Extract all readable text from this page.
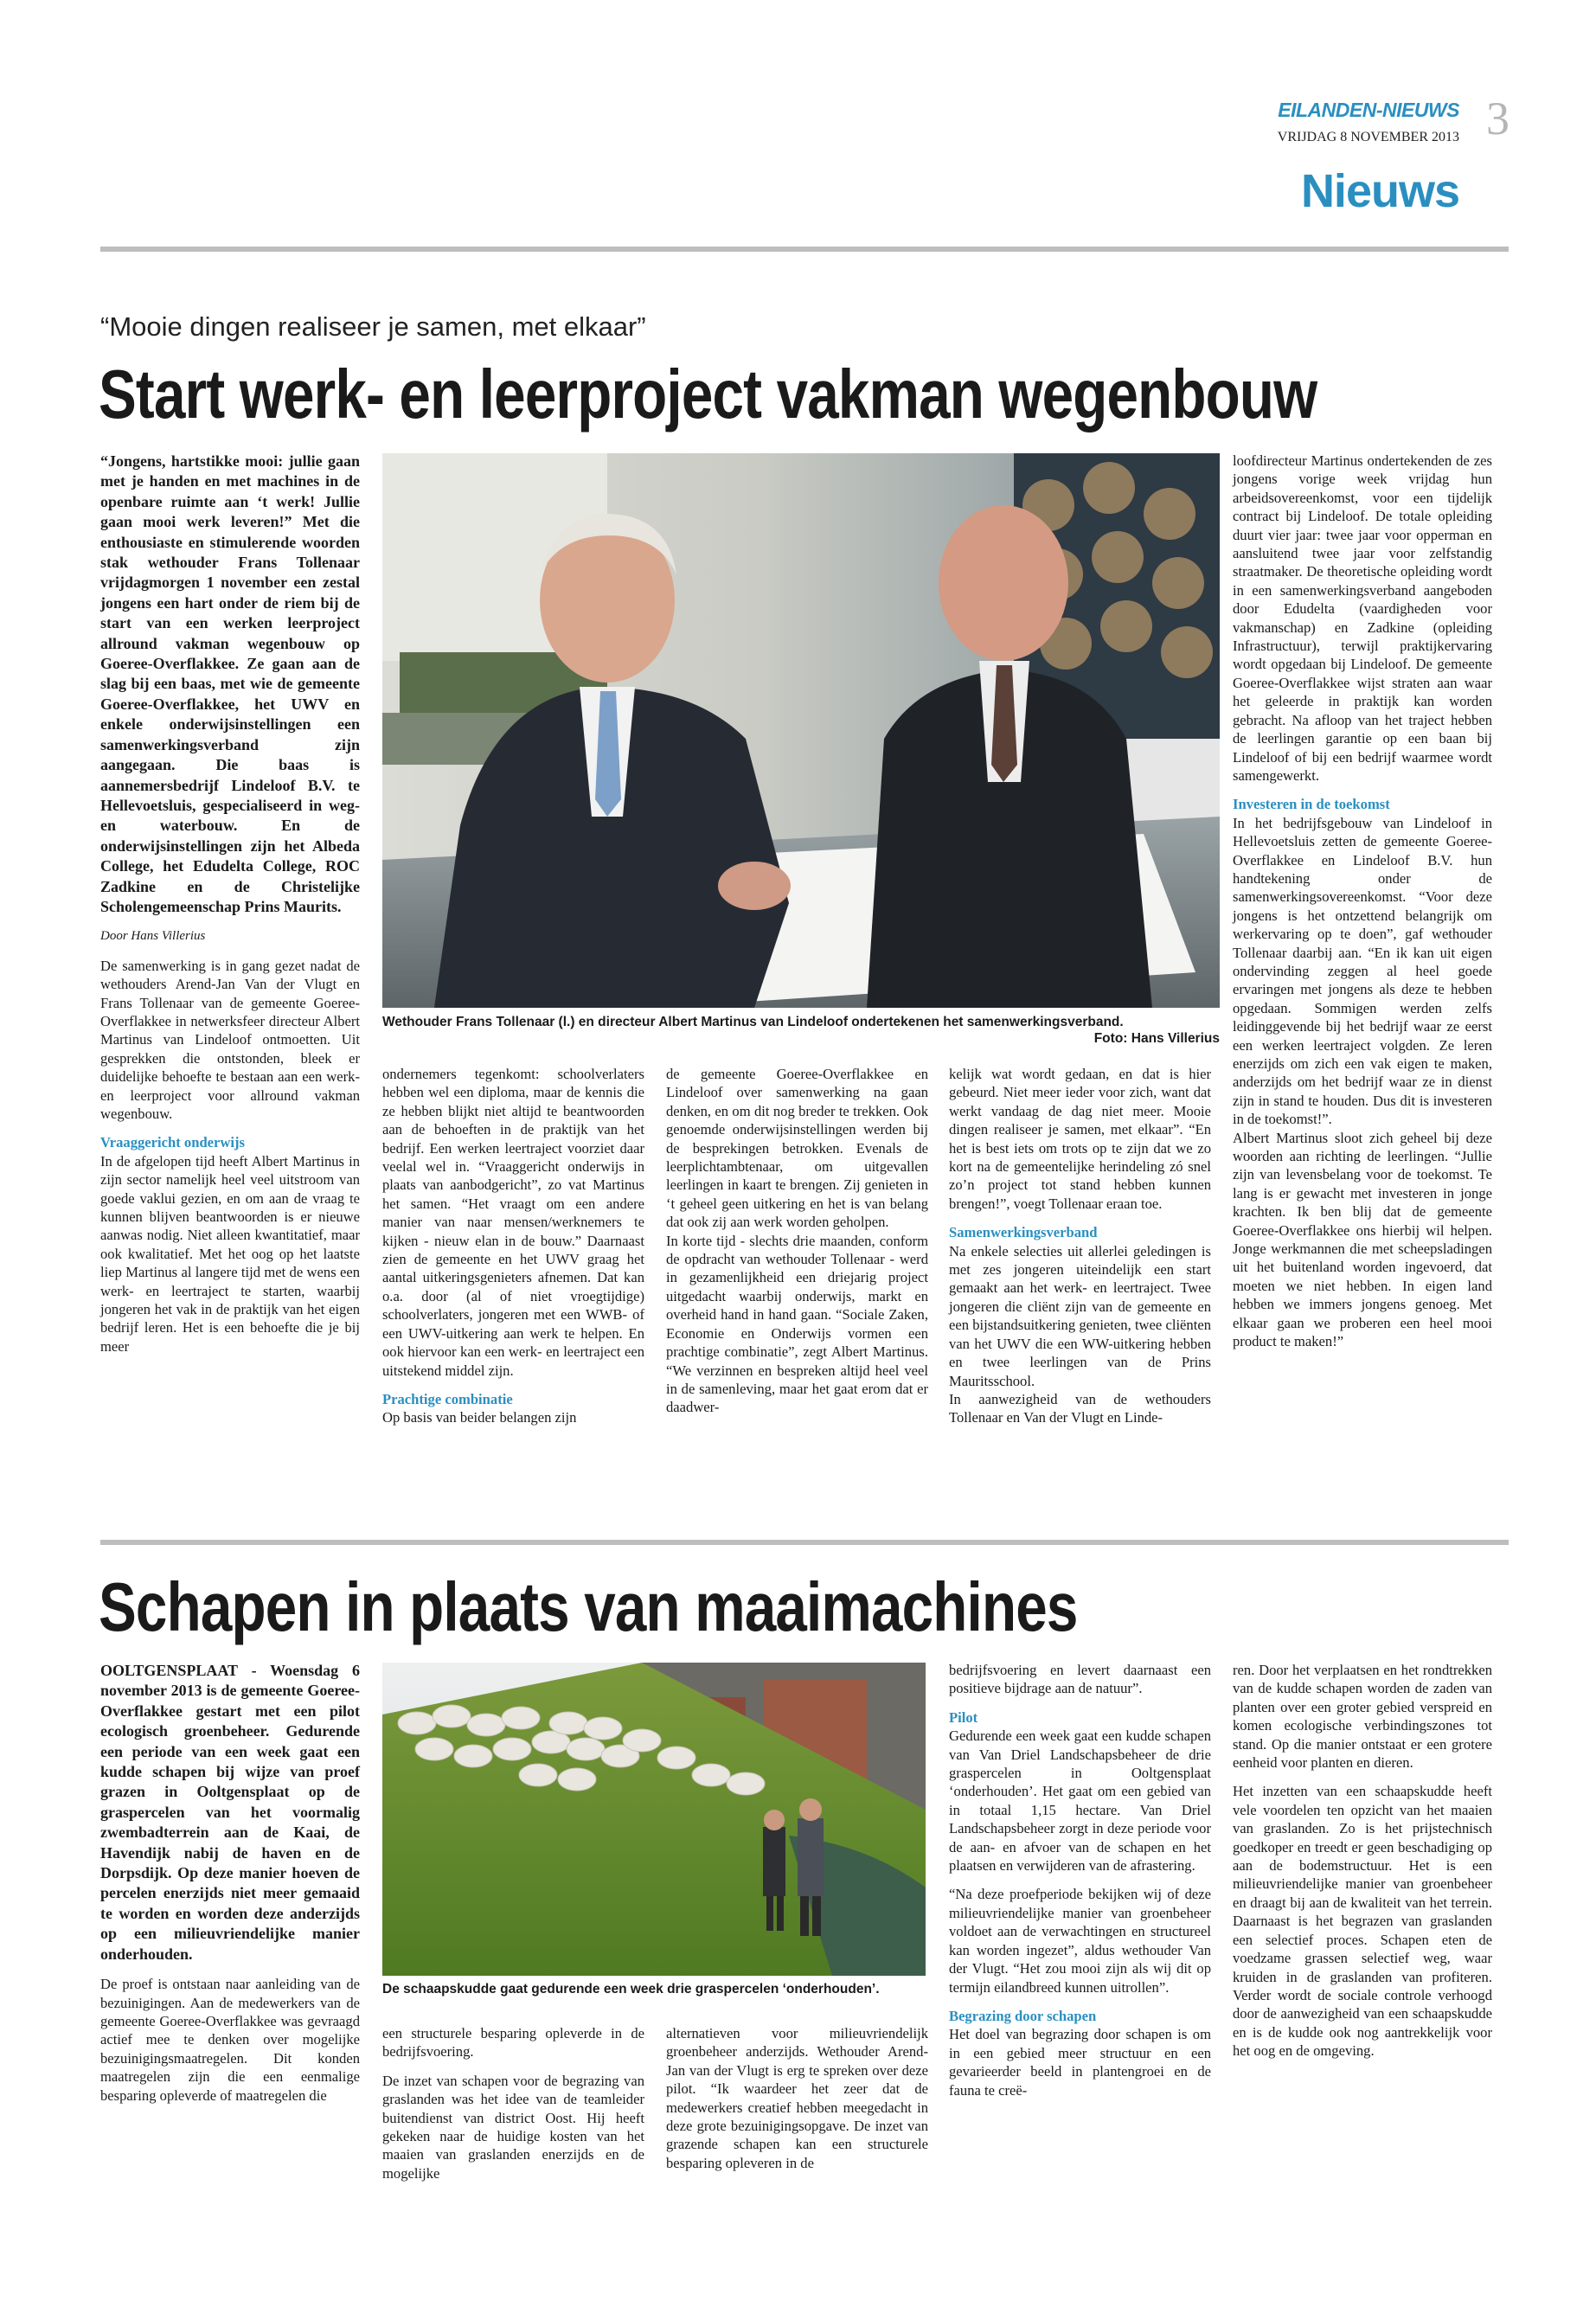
EILANDEN-NIEUWS
VRIJDAG 8 NOVEMBER 2013 3
Nieuws
“Mooie dingen realiseer je samen, met elkaar”
Start werk- en leerproject vakman wegenbouw

“Jongens, hartstikke mooi: jullie gaan met je handen en met machines in de openbare ruimte aan ‘t werk! Jullie gaan mooi werk leveren!” Met die enthousiaste en stimulerende woorden stak wethouder Frans Tollenaar vrijdagmorgen 1 november een zestal jongens een hart onder de riem bij de start van een werken leerproject allround vakman wegenbouw op Goeree-Overflakkee. Ze gaan aan de slag bij een baas, met wie de gemeente Goeree-Overflakkee, het UWV en enkele onderwijsinstellingen een samenwerkingsverband zijn aangegaan. Die baas is aannemersbedrijf Lindeloof B.V. te Hellevoetsluis, gespecialiseerd in weg- en waterbouw. En de onderwijsinstellingen zijn het Albeda College, het Edudelta College, ROC Zadkine en de Christelijke Scholengemeenschap Prins Maurits.

Door Hans Villerius

De samenwerking is in gang gezet nadat de wethouders Arend-Jan Van der Vlugt en Frans Tollenaar van de gemeente Goeree-Overflakkee in netwerksfeer directeur Albert Martinus van Lindeloof ontmoetten. Uit gesprekken die ontstonden, bleek er duidelijke behoefte te bestaan aan een werk- en leerproject voor allround vakman wegenbouw.

Vraaggericht onderwijs

In de afgelopen tijd heeft Albert Martinus in zijn sector namelijk heel veel uitstroom van goede vaklui gezien, en om aan de vraag te kunnen blijven beantwoorden is er nieuwe aanwas nodig. Niet alleen kwantitatief, maar ook kwalitatief. Met het oog op het laatste liep Martinus al langere tijd met de wens een werk- en leertraject te starten, waarbij jongeren het vak in de praktijk van het eigen bedrijf leren. Het is een behoefte die je bij meer

Wethouder Frans Tollenaar (l.) en directeur Albert Martinus van Lindeloof ondertekenen het samenwerkingsverband.
Foto: Hans Villerius

ondernemers tegenkomt: schoolverlaters hebben wel een diploma, maar de kennis die ze hebben blijkt niet altijd te beantwoorden aan de behoeften in de praktijk van het bedrijf. Een werken leertraject voorziet daar veelal wel in. “Vraaggericht onderwijs in plaats van aanbodgericht”, zo vat Martinus het samen. “Het vraagt om een andere manier van naar mensen/werknemers te kijken - nieuw elan in de bouw.” Daarnaast zien de gemeente en het UWV graag het aantal uitkeringsgenieters afnemen. Dat kan o.a. door (al of niet vroegtijdige) schoolverlaters, jongeren met een WWB- of een UWV-uitkering aan werk te helpen. En ook hiervoor kan een werk- en leertraject een uitstekend middel zijn.

Prachtige combinatie

Op basis van beider belangen zijn

de gemeente Goeree-Overflakkee en Lindeloof over samenwerking na gaan denken, en om dit nog breder te trekken. Ook genoemde onderwijsinstellingen werden bij de besprekingen betrokken. Evenals de leerplichtambtenaar, om uitgevallen leerlingen in kaart te brengen. Zij genieten in ‘t geheel geen uitkering en het is van belang dat ook zij aan werk worden geholpen.

In korte tijd - slechts drie maanden, conform de opdracht van wethouder Tollenaar - werd in gezamenlijkheid een driejarig project uitgedacht waarbij onderwijs, markt en overheid hand in hand gaan. “Sociale Zaken, Economie en Onderwijs vormen een prachtige combinatie”, zegt Albert Martinus. “We verzinnen en bespreken altijd heel veel in de samenleving, maar het gaat erom dat er daadwer-

kelijk wat wordt gedaan, en dat is hier gebeurd. Niet meer ieder voor zich, want dat werkt vandaag de dag niet meer. Mooie dingen realiseer je samen, met elkaar”. “En het is best iets om trots op te zijn dat we zo kort na de gemeentelijke herindeling zó snel zo’n project tot stand hebben kunnen brengen!”, voegt Tollenaar eraan toe.

Samenwerkingsverband

Na enkele selecties uit allerlei geledingen is met zes jongeren uiteindelijk een start gemaakt aan het werk- en leertraject. Twee jongeren die cliënt zijn van de gemeente en een bijstandsuitkering genieten, twee cliënten van het UWV die een WW-uitkering hebben en twee leerlingen van de Prins Mauritsschool.

In aanwezigheid van de wethouders Tollenaar en Van der Vlugt en Linde-

loofdirecteur Martinus ondertekenden de zes jongens vorige week vrijdag hun arbeidsovereenkomst, voor een tijdelijk contract bij Lindeloof. De totale opleiding duurt vier jaar: twee jaar voor opperman en aansluitend twee jaar voor zelfstandig straatmaker. De theoretische opleiding wordt in een samenwerkingsverband aangeboden door Edudelta (vaardigheden voor vakmanschap) en Zadkine (opleiding Infrastructuur), terwijl praktijkervaring wordt opgedaan bij Lindeloof. De gemeente Goeree-Overflakkee wijst straten aan waar het geleerde in praktijk kan worden gebracht. Na afloop van het traject hebben de leerlingen garantie op een baan bij Lindeloof of bij een bedrijf waarmee wordt samengewerkt.

Investeren in de toekomst

In het bedrijfsgebouw van Lindeloof in Hellevoetsluis zetten de gemeente Goeree-Overflakkee en Lindeloof B.V. hun handtekening onder de samenwerkingsovereenkomst. “Voor deze jongens is het ontzettend belangrijk om werkervaring op te doen”, gaf wethouder Tollenaar daarbij aan. “En ik kan uit eigen ondervinding zeggen al heel goede ervaringen met jongens als deze te hebben opgedaan. Sommigen werden zelfs leidinggevende bij het bedrijf waar ze eerst een werken leertraject volgden. Ze leren enerzijds om zich een vak eigen te maken, anderzijds om het bedrijf waar ze in dienst zijn in stand te houden. Dus dit is investeren in de toekomst!”.

Albert Martinus sloot zich geheel bij deze woorden aan richting de leerlingen. “Jullie zijn van levensbelang voor de toekomst. Te lang is er gewacht met investeren in jonge krachten. Ik ben blij dat de gemeente Goeree-Overflakkee ons hierbij wil helpen. Jonge werkmannen die met scheepsladingen uit het buitenland worden ingevoerd, dat moeten we niet hebben. In eigen land hebben we immers jongens genoeg. Met elkaar gaan we proberen een heel mooi product te maken!”

Schapen in plaats van maaimachines

OOLTGENSPLAAT - Woensdag 6 november 2013 is de gemeente Goeree-Overflakkee gestart met een pilot ecologisch groenbeheer. Gedurende een periode van een week gaat een kudde schapen bij wijze van proef grazen in Ooltgensplaat op de graspercelen van het voormalig zwembadterrein aan de Kaai, de Havendijk nabij de haven en de Dorpsdijk. Op deze manier hoeven de percelen enerzijds niet meer gemaaid te worden en worden deze anderzijds op een milieuvriendelijke manier onderhouden.

De proef is ontstaan naar aanleiding van de bezuinigingen. Aan de medewerkers van de gemeente Goeree-Overflakkee was gevraagd actief mee te denken over mogelijke bezuinigingsmaatregelen. Dit konden maatregelen zijn die een eenmalige besparing opleverde of maatregelen die

De schaapskudde gaat gedurende een week drie graspercelen ‘onderhouden’.

een structurele besparing opleverde in de bedrijfsvoering.

De inzet van schapen voor de begrazing van graslanden was het idee van de teamleider buitendienst van district Oost. Hij heeft gekeken naar de huidige kosten van het maaien van graslanden enerzijds en de mogelijke

alternatieven voor milieuvriendelijk groenbeheer anderzijds. Wethouder Arend-Jan van der Vlugt is erg te spreken over deze pilot. “Ik waardeer het zeer dat de medewerkers creatief hebben meegedacht in deze grote bezuinigingsopgave. De inzet van grazende schapen kan een structurele besparing opleveren in de

bedrijfsvoering en levert daarnaast een positieve bijdrage aan de natuur”.

Pilot

Gedurende een week gaat een kudde schapen van Van Driel Landschapsbeheer de drie graspercelen in Ooltgensplaat ‘onderhouden’. Het gaat om een gebied van in totaal 1,15 hectare. Van Driel Landschapsbeheer zorgt in deze periode voor de aan- en afvoer van de schapen en het plaatsen en verwijderen van de afrastering.

“Na deze proefperiode bekijken wij of deze milieuvriendelijke manier van groenbeheer voldoet aan de verwachtingen en structureel kan worden ingezet”, aldus wethouder Van der Vlugt. “Het zou mooi zijn als wij dit op termijn eilandbreed kunnen uitrollen”.

Begrazing door schapen

Het doel van begrazing door schapen is om in een gebied meer structuur en een gevarieerder beeld in plantengroei en de fauna te creë-

ren. Door het verplaatsen en het rondtrekken van de kudde schapen worden de zaden van planten over een groter gebied verspreid en komen ecologische verbindingszones tot stand. Op die manier ontstaat er een grotere eenheid voor planten en dieren.

Het inzetten van een schaapskudde heeft vele voordelen ten opzicht van het maaien van graslanden. Zo is het prijstechnisch goedkoper en treedt er geen beschadiging op aan de bodemstructuur. Het is een milieuvriendelijke manier van groenbeheer en draagt bij aan de kwaliteit van het terrein. Daarnaast is het begrazen van graslanden een selectief proces. Schapen eten de voedzame grassen selectief weg, waar kruiden in de graslanden van profiteren. Verder wordt de sociale controle verhoogd door de aanwezigheid van een schaapskudde en is de kudde ook nog aantrekkelijk voor het oog en de omgeving.
